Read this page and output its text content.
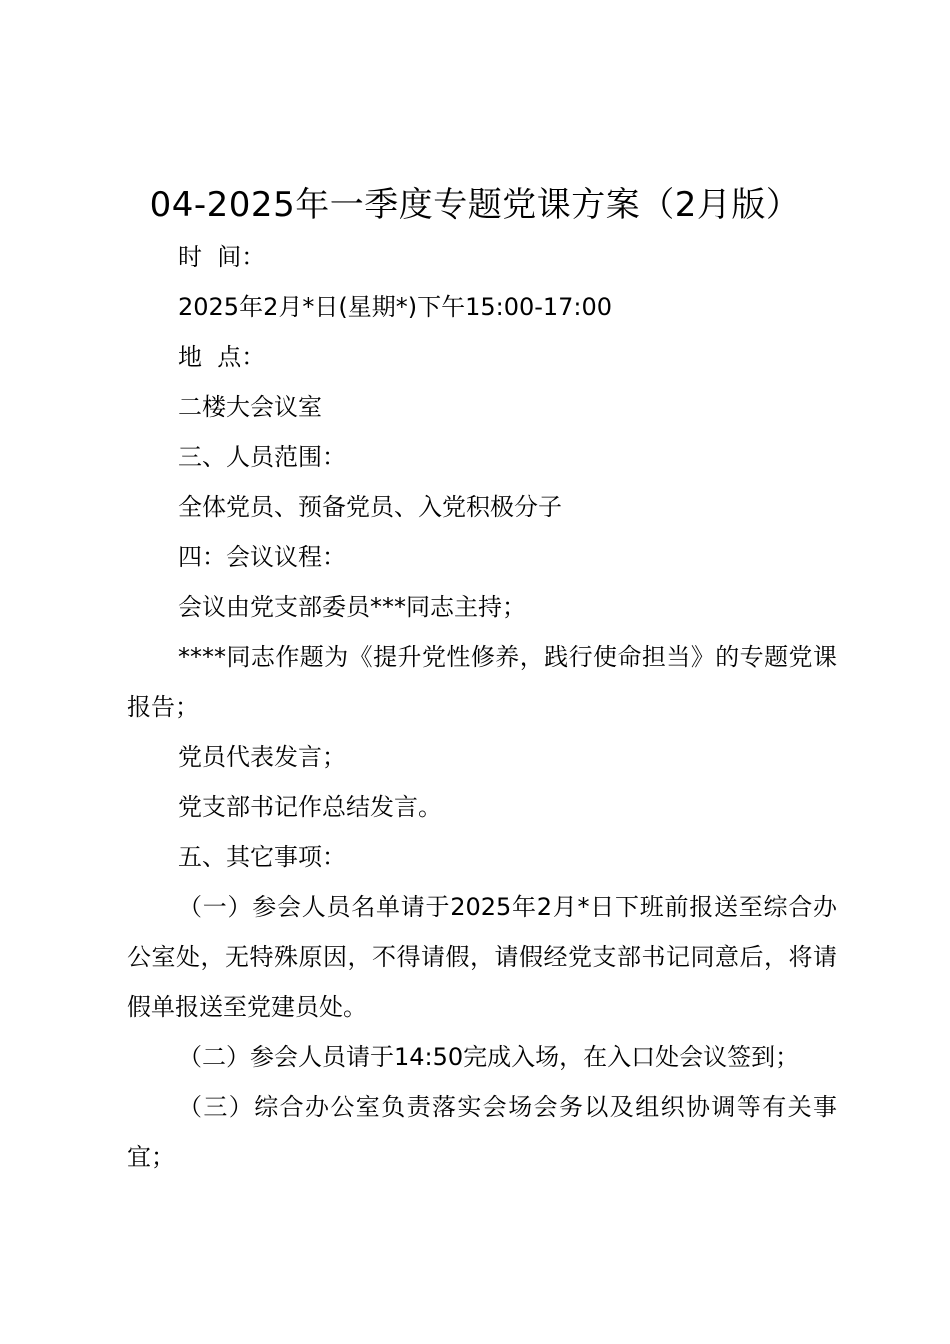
04-2025年一季度专题党课方案（2月版）

时  间：

2025年2月*日(星期*)下午15:00-17:00

地  点：

二楼大会议室

三、人员范围：

全体党员、预备党员、入党积极分子

四：会议议程：

会议由党支部委员***同志主持；

****同志作题为《提升党性修养，践行使命担当》的专题党课报告；

党员代表发言；

党支部书记作总结发言。

五、其它事项：

（一）参会人员名单请于2025年2月*日下班前报送至综合办公室处，无特殊原因，不得请假，请假经党支部书记同意后，将请假单报送至党建员处。

（二）参会人员请于14:50完成入场，在入口处会议签到；

（三）综合办公室负责落实会场会务以及组织协调等有关事宜；
